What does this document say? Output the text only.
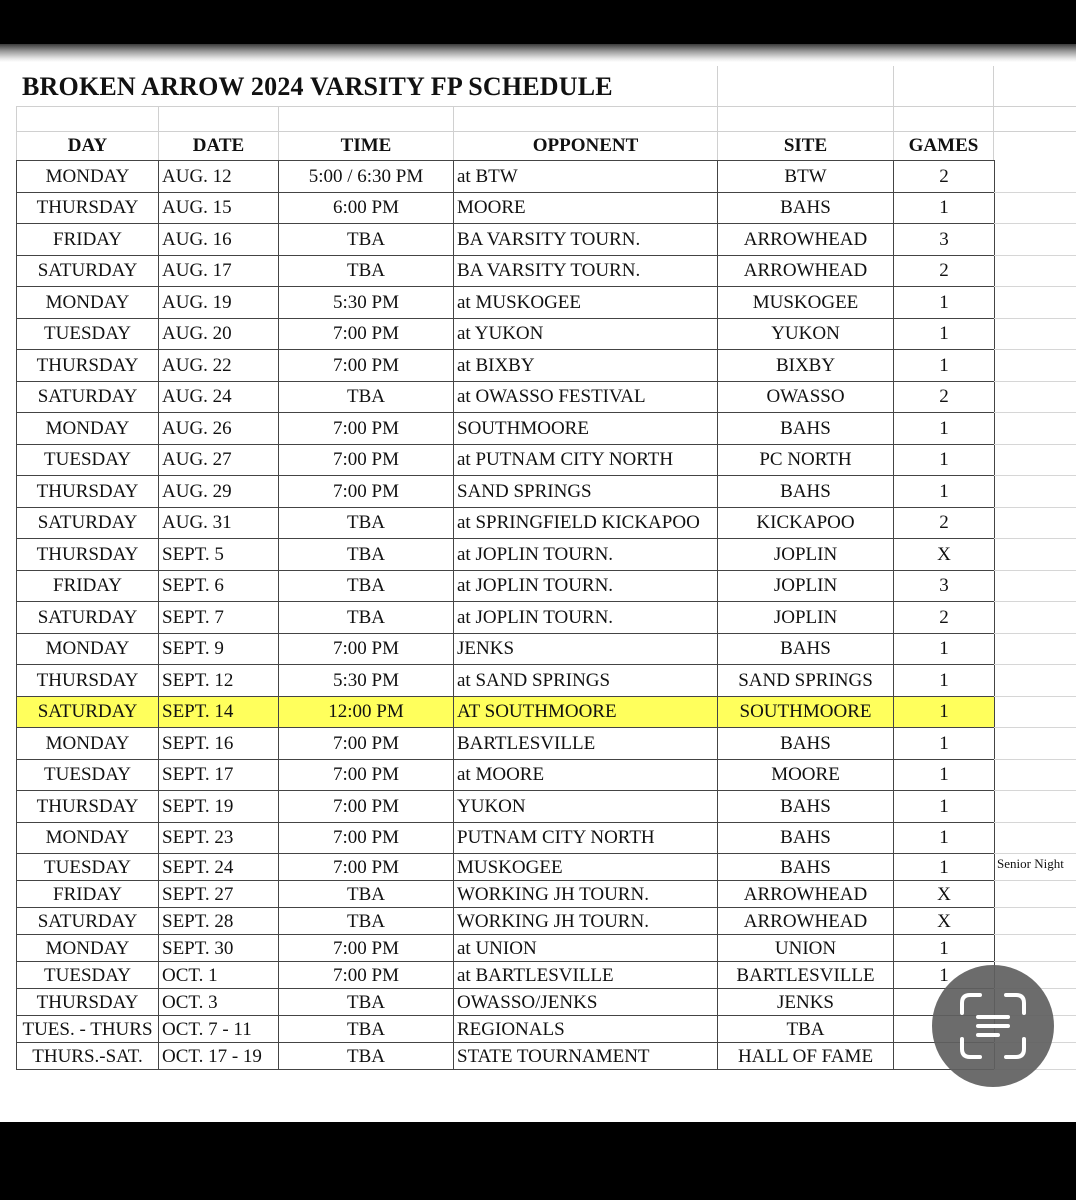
BROKEN ARROW 2024 VARSITY FP SCHEDULE
DAY	DATE	TIME	OPPONENT	SITE	GAMES
MONDAY	AUG. 12	5:00 / 6:30 PM	at BTW	BTW	2
THURSDAY	AUG. 15	6:00 PM	MOORE	BAHS	1
FRIDAY	AUG. 16	TBA	BA VARSITY TOURN.	ARROWHEAD	3
SATURDAY	AUG. 17	TBA	BA VARSITY TOURN.	ARROWHEAD	2
MONDAY	AUG. 19	5:30 PM	at MUSKOGEE	MUSKOGEE	1
TUESDAY	AUG. 20	7:00 PM	at YUKON	YUKON	1
THURSDAY	AUG. 22	7:00 PM	at BIXBY	BIXBY	1
SATURDAY	AUG. 24	TBA	at OWASSO FESTIVAL	OWASSO	2
MONDAY	AUG. 26	7:00 PM	SOUTHMOORE	BAHS	1
TUESDAY	AUG. 27	7:00 PM	at PUTNAM CITY NORTH	PC NORTH	1
THURSDAY	AUG. 29	7:00 PM	SAND SPRINGS	BAHS	1
SATURDAY	AUG. 31	TBA	at SPRINGFIELD KICKAPOO	KICKAPOO	2
THURSDAY	SEPT. 5	TBA	at JOPLIN TOURN.	JOPLIN	X
FRIDAY	SEPT. 6	TBA	at JOPLIN TOURN.	JOPLIN	3
SATURDAY	SEPT. 7	TBA	at JOPLIN TOURN.	JOPLIN	2
MONDAY	SEPT. 9	7:00 PM	JENKS	BAHS	1
THURSDAY	SEPT. 12	5:30 PM	at SAND SPRINGS	SAND SPRINGS	1
SATURDAY	SEPT. 14	12:00 PM	AT SOUTHMOORE	SOUTHMOORE	1
MONDAY	SEPT. 16	7:00 PM	BARTLESVILLE	BAHS	1
TUESDAY	SEPT. 17	7:00 PM	at MOORE	MOORE	1
THURSDAY	SEPT. 19	7:00 PM	YUKON	BAHS	1
MONDAY	SEPT. 23	7:00 PM	PUTNAM CITY NORTH	BAHS	1
TUESDAY	SEPT. 24	7:00 PM	MUSKOGEE	BAHS	1
FRIDAY	SEPT. 27	TBA	WORKING JH TOURN.	ARROWHEAD	X
SATURDAY	SEPT. 28	TBA	WORKING JH TOURN.	ARROWHEAD	X
MONDAY	SEPT. 30	7:00 PM	at UNION	UNION	1
TUESDAY	OCT. 1	7:00 PM	at BARTLESVILLE	BARTLESVILLE	1
THURSDAY	OCT. 3	TBA	OWASSO/JENKS	JENKS	
TUES. - THURS	OCT. 7 - 11	TBA	REGIONALS	TBA	
THURS.-SAT.	OCT. 17 - 19	TBA	STATE TOURNAMENT	HALL OF FAME	
Senior Night
